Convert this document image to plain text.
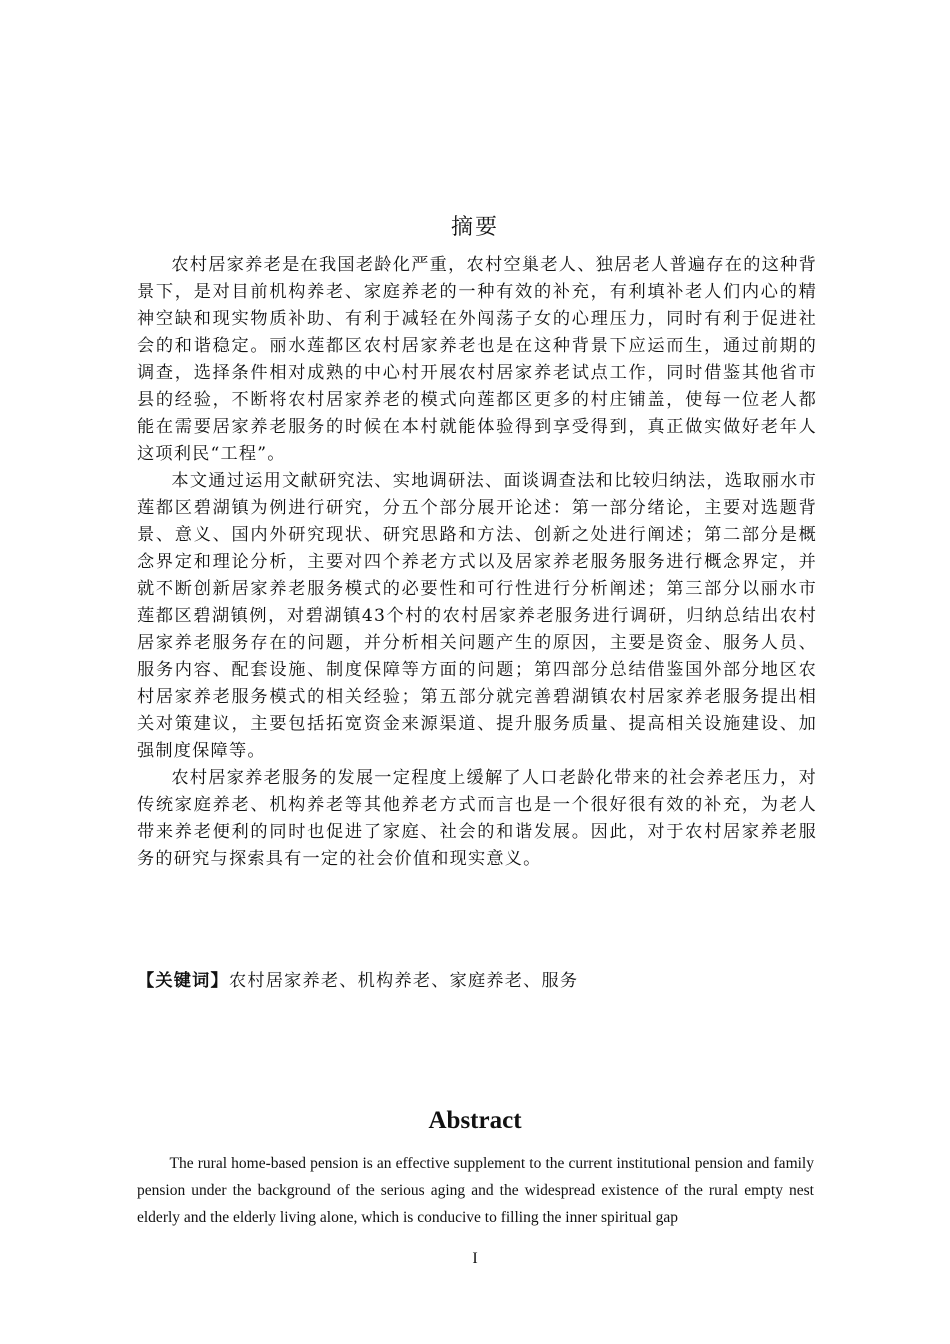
摘要

农村居家养老是在我国老龄化严重，农村空巢老人、独居老人普遍存在的这种背景下，是对目前机构养老、家庭养老的一种有效的补充，有利填补老人们内心的精神空缺和现实物质补助、有利于减轻在外闯荡子女的心理压力，同时有利于促进社会的和谐稳定。丽水莲都区农村居家养老也是在这种背景下应运而生，通过前期的调查，选择条件相对成熟的中心村开展农村居家养老试点工作，同时借鉴其他省市县的经验，不断将农村居家养老的模式向莲都区更多的村庄铺盖，使每一位老人都能在需要居家养老服务的时候在本村就能体验得到享受得到，真正做实做好老年人这项利民“工程”。

本文通过运用文献研究法、实地调研法、面谈调查法和比较归纳法，选取丽水市莲都区碧湖镇为例进行研究，分五个部分展开论述：第一部分绪论，主要对选题背景、意义、国内外研究现状、研究思路和方法、创新之处进行阐述；第二部分是概念界定和理论分析，主要对四个养老方式以及居家养老服务服务进行概念界定，并就不断创新居家养老服务模式的必要性和可行性进行分析阐述；第三部分以丽水市莲都区碧湖镇例，对碧湖镇43个村的农村居家养老服务进行调研，归纳总结出农村居家养老服务存在的问题，并分析相关问题产生的原因，主要是资金、服务人员、服务内容、配套设施、制度保障等方面的问题；第四部分总结借鉴国外部分地区农村居家养老服务模式的相关经验；第五部分就完善碧湖镇农村居家养老服务提出相关对策建议，主要包括拓宽资金来源渠道、提升服务质量、提高相关设施建设、加强制度保障等。

农村居家养老服务的发展一定程度上缓解了人口老龄化带来的社会养老压力，对传统家庭养老、机构养老等其他养老方式而言也是一个很好很有效的补充，为老人带来养老便利的同时也促进了家庭、社会的和谐发展。因此，对于农村居家养老服务的研究与探索具有一定的社会价值和现实意义。

【关键词】农村居家养老、机构养老、家庭养老、服务
Abstract

The rural home-based pension is an effective supplement to the current institutional pension and family pension under the background of the serious aging and the widespread existence of the rural empty nest elderly and the elderly living alone, which is conducive to filling the inner spiritual gap

I
